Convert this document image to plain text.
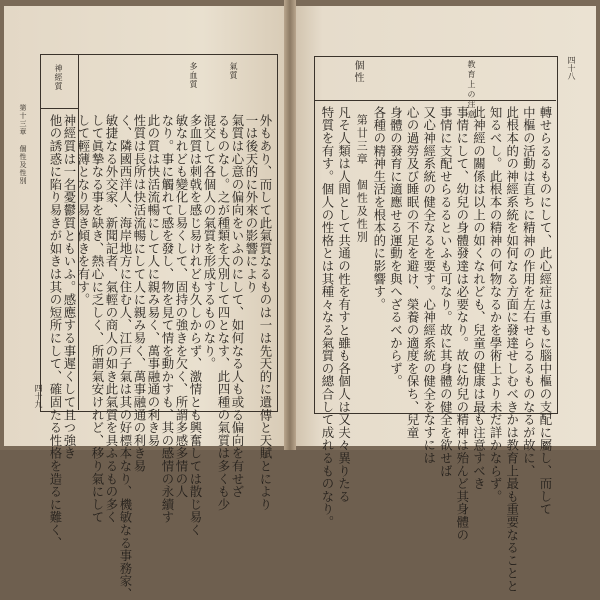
神經質
第十三章 個性及性別
四十九
氣質
多血質
外もあり、而して此氣質なるものは一は先天的に遺傳と天賦とにより
一は後天的に外來の影響により
氣質は心意の偏向をいふのにして、如何なる人も或る偏向を有せざ
るものなし。之が種類を大別して四となす、此四種の氣質は多くも少
混交して各個人の氣質を形成するものなり。
多血質は刺戟を感じ易けれども久しからず、激情とも興奮しては散じ易く
敏なれども變化し易くして、固持の強きを欠く、所謂多感多情の人
なり。事に觸れて感を發し、物を見て情を動かすも、其の感情の永續す
此の質は快活流暢にして人に親み易く、萬事融通の利き易
性質は長所は快活流暢にして人に親み易く、萬事融通の利き易
く、隣國西洋人、海岸地方に住む人、江戸子氣は其の好標本なり、機敏なる事務家、
敏捷なる外交家、新聞記者、氣輕の商人の如き此氣質を具ふるもの多く
して眞摯なる事を缺き、熱心に乏しく、所謂氣安けれど、移り氣にして
して輕薄となり易き傾きを有す。
神經質は一名憂鬱質ともいふ。感應する事遲くして且つ強き
他の誘惑に陷り易きが如きは其の短所にして、確固たる性格を造るに難く、
教育上の注意
個性	四十八
轉せらるるものにして、此心經症は重もに腦中樞の支配に屬し、而して
中樞の活動は直ちに精神の作用を左右せらるるものなるが故に、
此根本的の神經系統を如何なる方面に發達せしむべきかは教育上最も重要なることと
知るべし。此根本の精神の何物なるかを學術上より未だ詳かならず。
此神經の關係は以上の如くなれども、兒童の健康は最も注意すべき
事情にして、幼兒の身體發達は必要なり。故に幼兒の精神は殆んど其身體の
事情に支配せらるるといふも可なり。故に其身體の健全を欲せば
又心神經系統の健全なるを要す。心神經系統の健全をなすには
心の過勞及び睡眠の不足を避け、榮養の適度を保ち、兒童
身體の發育に適應せる運動を與へざるべからず。
各種の精神生活を根本的に影響す。
第廿三章　個性及性別
凡そ人類は人間として共通の性を有すと雖も各個人は又夫々異りたる
特質を有す。個人の性格とは其種々なる氣質の總合して成れるものなり。
